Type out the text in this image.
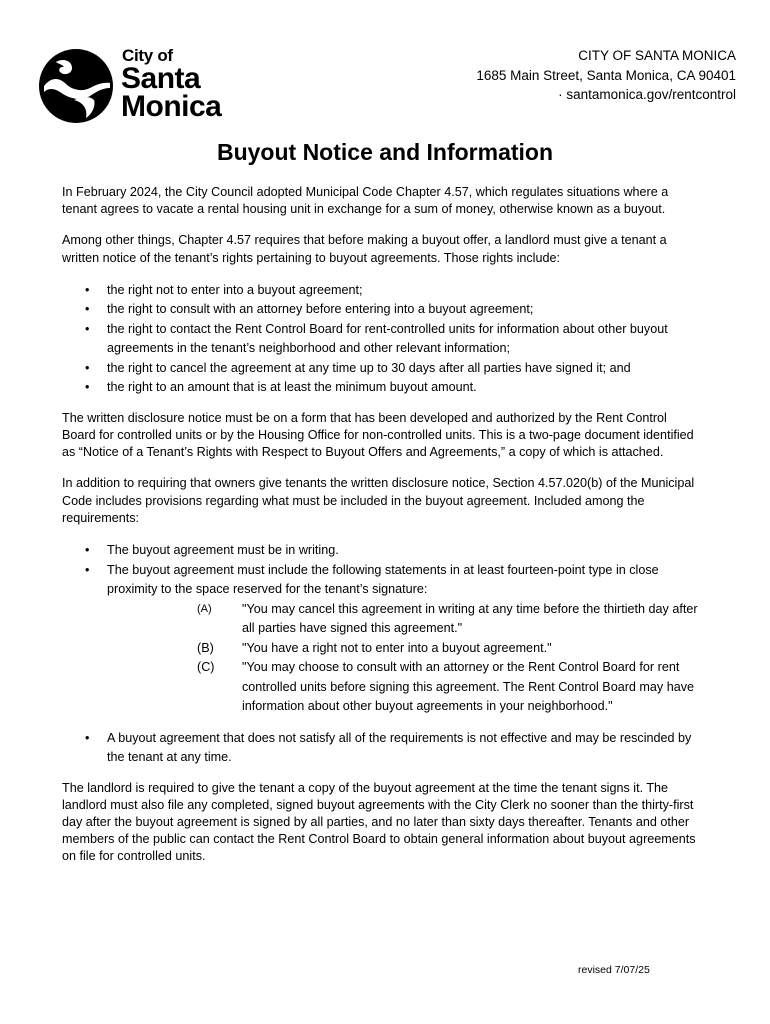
City of
Santa
Monica
CITY OF SANTA MONICA
1685 Main Street, Santa Monica, CA 90401
· santamonica.gov/rentcontrol
Buyout Notice and Information

In February 2024, the City Council adopted Municipal Code Chapter 4.57, which regulates situations where a tenant agrees to vacate a rental housing unit in exchange for a sum of money, otherwise known as a buyout.

Among other things, Chapter 4.57 requires that before making a buyout offer, a landlord must give a tenant a written notice of the tenant’s rights pertaining to buyout agreements. Those rights include:

• the right not to enter into a buyout agreement;
• the right to consult with an attorney before entering into a buyout agreement;
• the right to contact the Rent Control Board for rent-controlled units for information about other buyout agreements in the tenant’s neighborhood and other relevant information;
• the right to cancel the agreement at any time up to 30 days after all parties have signed it; and
• the right to an amount that is at least the minimum buyout amount.

The written disclosure notice must be on a form that has been developed and authorized by the Rent Control Board for controlled units or by the Housing Office for non-controlled units. This is a two-page document identified as “Notice of a Tenant’s Rights with Respect to Buyout Offers and Agreements,” a copy of which is attached.

In addition to requiring that owners give tenants the written disclosure notice, Section 4.57.020(b) of the Municipal Code includes provisions regarding what must be included in the buyout agreement. Included among the requirements:

• The buyout agreement must be in writing.
• The buyout agreement must include the following statements in at least fourteen-point type in close proximity to the space reserved for the tenant’s signature:
(A) "You may cancel this agreement in writing at any time before the thirtieth day after all parties have signed this agreement."
(B) "You have a right not to enter into a buyout agreement."
(C) "You may choose to consult with an attorney or the Rent Control Board for rent controlled units before signing this agreement. The Rent Control Board may have information about other buyout agreements in your neighborhood."
• A buyout agreement that does not satisfy all of the requirements is not effective and may be rescinded by the tenant at any time.

The landlord is required to give the tenant a copy of the buyout agreement at the time the tenant signs it. The landlord must also file any completed, signed buyout agreements with the City Clerk no sooner than the thirty-first day after the buyout agreement is signed by all parties, and no later than sixty days thereafter. Tenants and other members of the public can contact the Rent Control Board to obtain general information about buyout agreements on file for controlled units.

revised 7/07/25
